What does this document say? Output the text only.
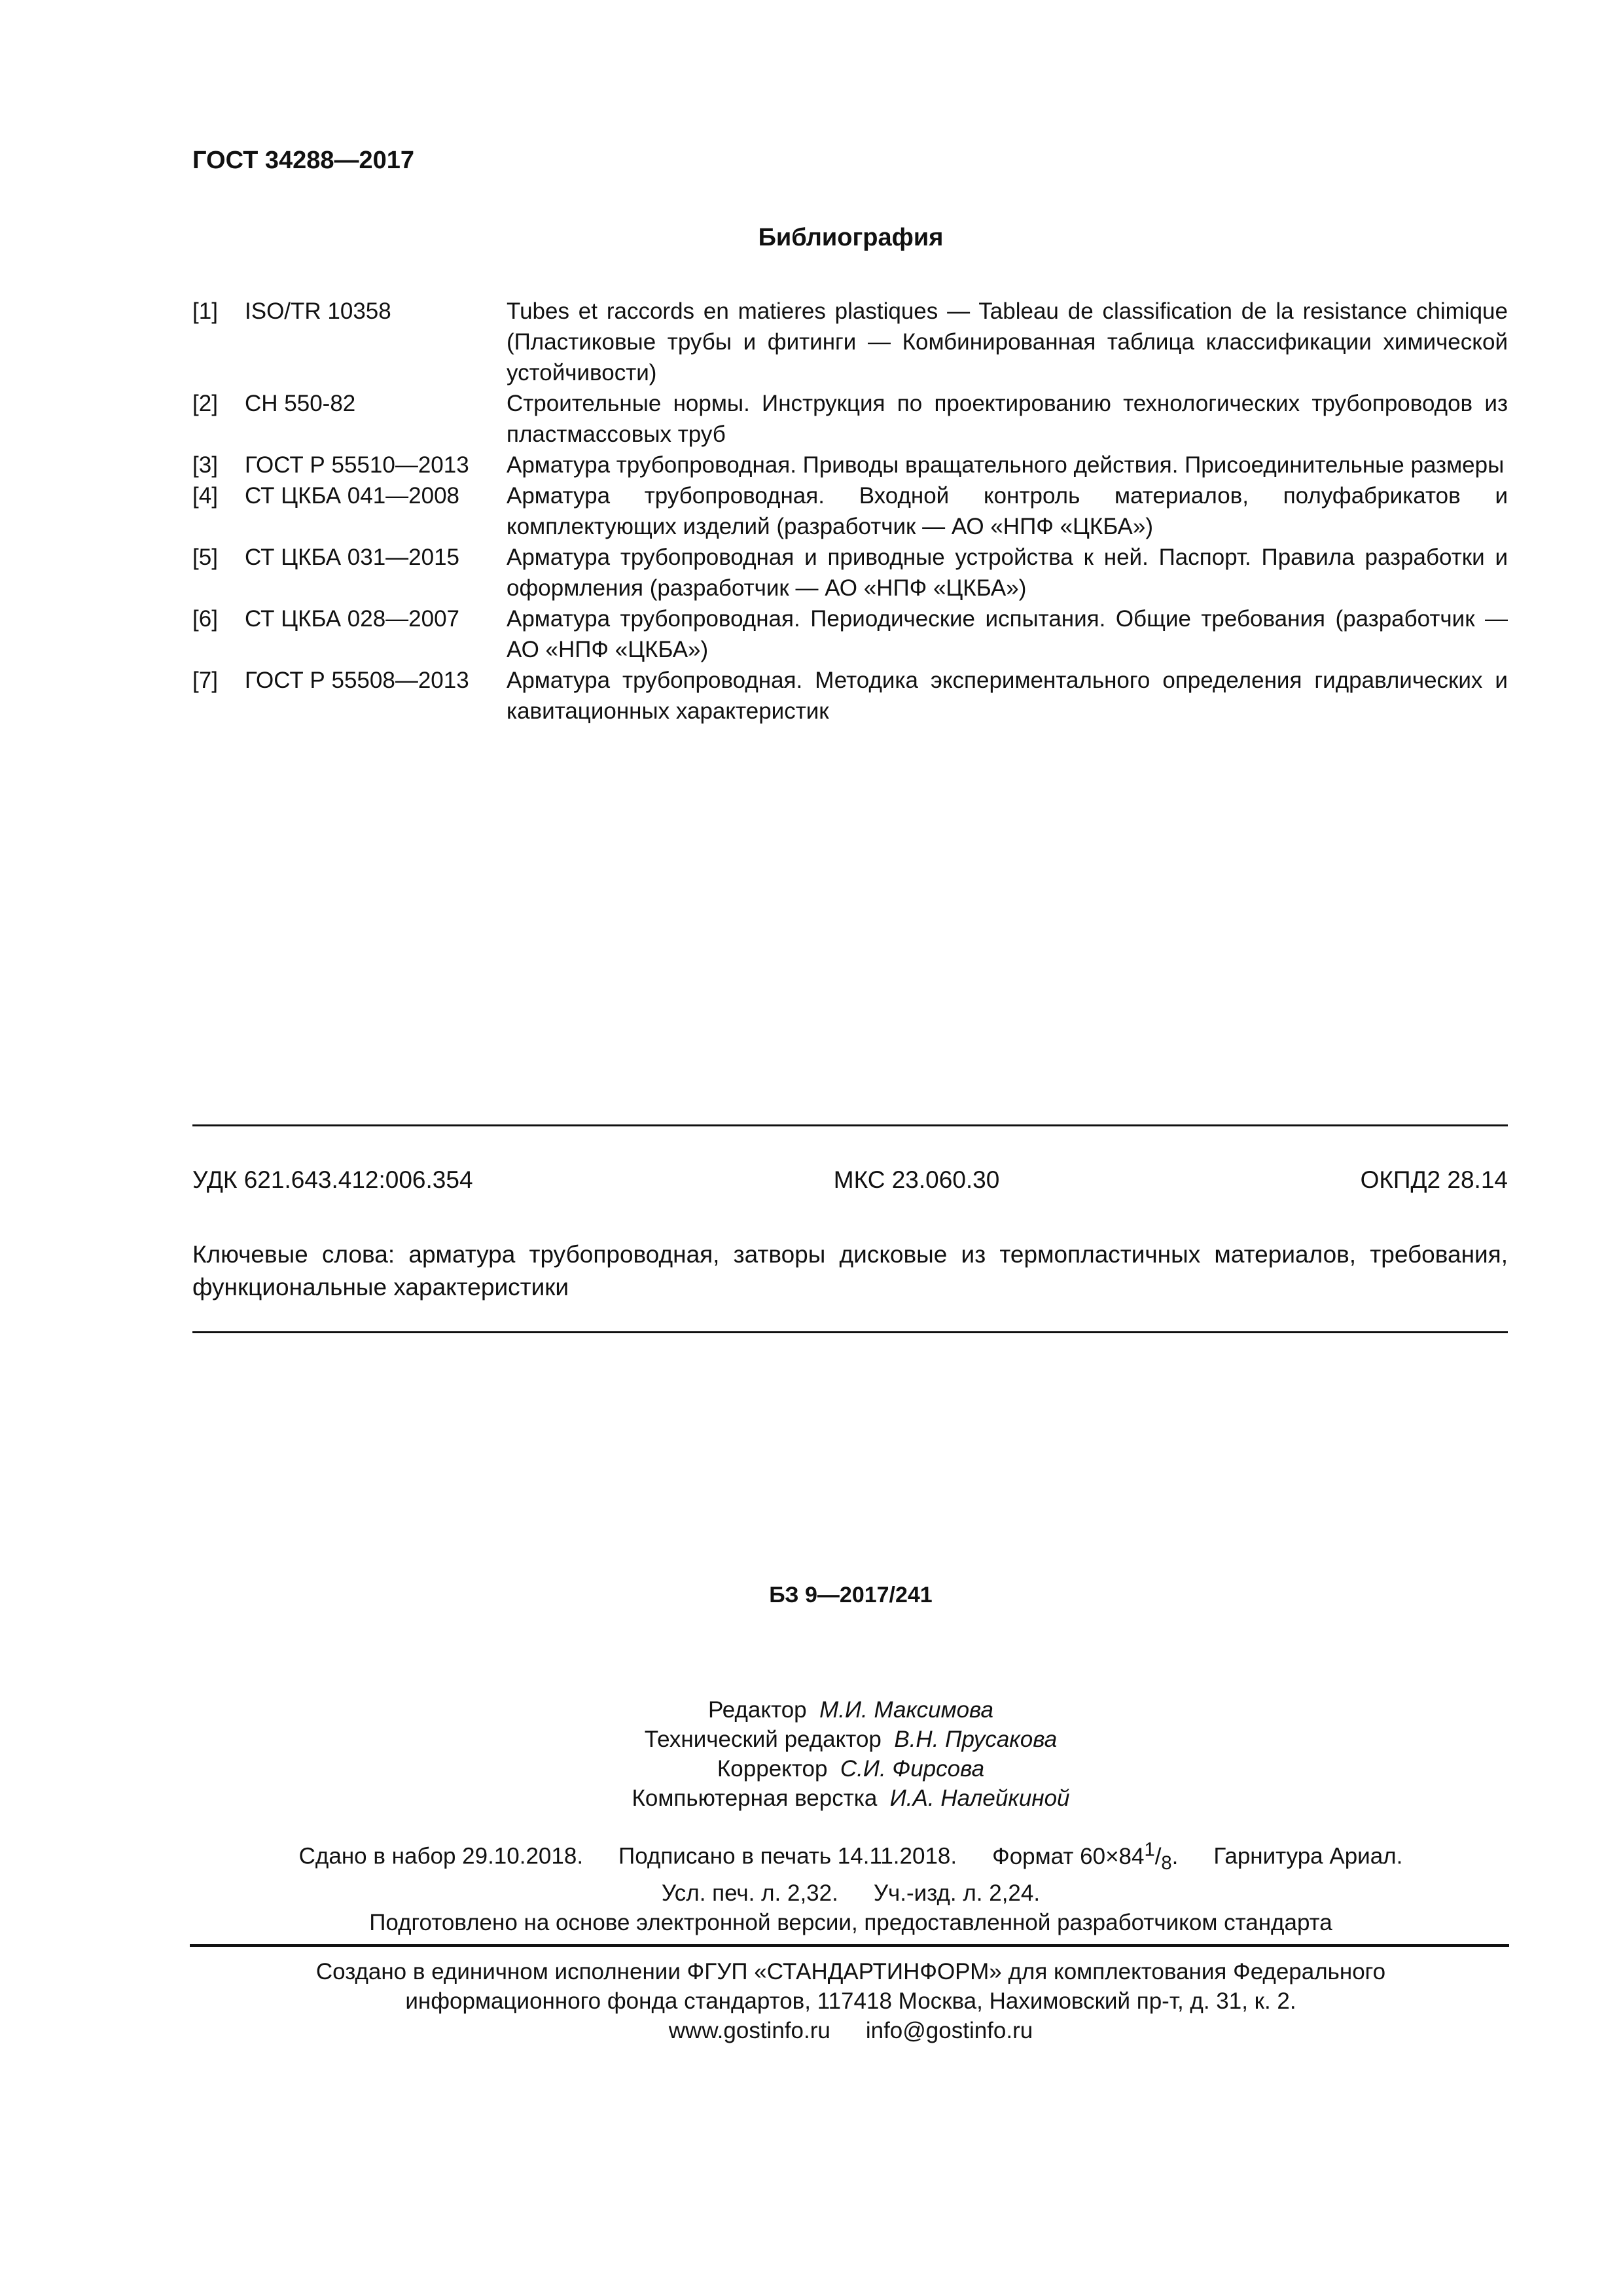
ГОСТ 34288—2017
Библиография
[1]	ISO/TR 10358	Tubes et raccords en matieres plastiques — Tableau de classification de la resistance chimique (Пластиковые трубы и фитинги — Комбинированная таблица классификации химической устойчивости)
[2]	СН 550-82	Строительные нормы. Инструкция по проектированию технологических трубопроводов из пластмассовых труб
[3]	ГОСТ Р 55510—2013	Арматура трубопроводная. Приводы вращательного действия. Присоединительные размеры
[4]	СТ ЦКБА 041—2008	Арматура трубопроводная. Входной контроль материалов, полуфабрикатов и комплектующих изделий (разработчик — АО «НПФ «ЦКБА»)
[5]	СТ ЦКБА 031—2015	Арматура трубопроводная и приводные устройства к ней. Паспорт. Правила разработки и оформления (разработчик — АО «НПФ «ЦКБА»)
[6]	СТ ЦКБА 028—2007	Арматура трубопроводная. Периодические испытания. Общие требования (разработчик — АО «НПФ «ЦКБА»)
[7]	ГОСТ Р 55508—2013	Арматура трубопроводная. Методика экспериментального определения гидравлических и кавитационных характеристик
УДК 621.643.412:006.354	МКС 23.060.30	ОКПД2 28.14
Ключевые слова: арматура трубопроводная, затворы дисковые из термопластичных материалов, требования, функциональные характеристики
БЗ 9—2017/241
Редактор М.И. Максимова
Технический редактор В.Н. Прусакова
Корректор С.И. Фирсова
Компьютерная верстка И.А. Налейкиной
Сдано в набор 29.10.2018. Подписано в печать 14.11.2018. Формат $60\times 84^1/_8$. Гарнитура Ариал.
Усл. печ. л. 2,32. Уч.-изд. л. 2,24.
Подготовлено на основе электронной версии, предоставленной разработчиком стандарта
Создано в единичном исполнении ФГУП «СТАНДАРТИНФОРМ» для комплектования Федерального
информационного фонда стандартов, 117418 Москва, Нахимовский пр-т, д. 31, к. 2.
www.gostinfo.ru info@gostinfo.ru
